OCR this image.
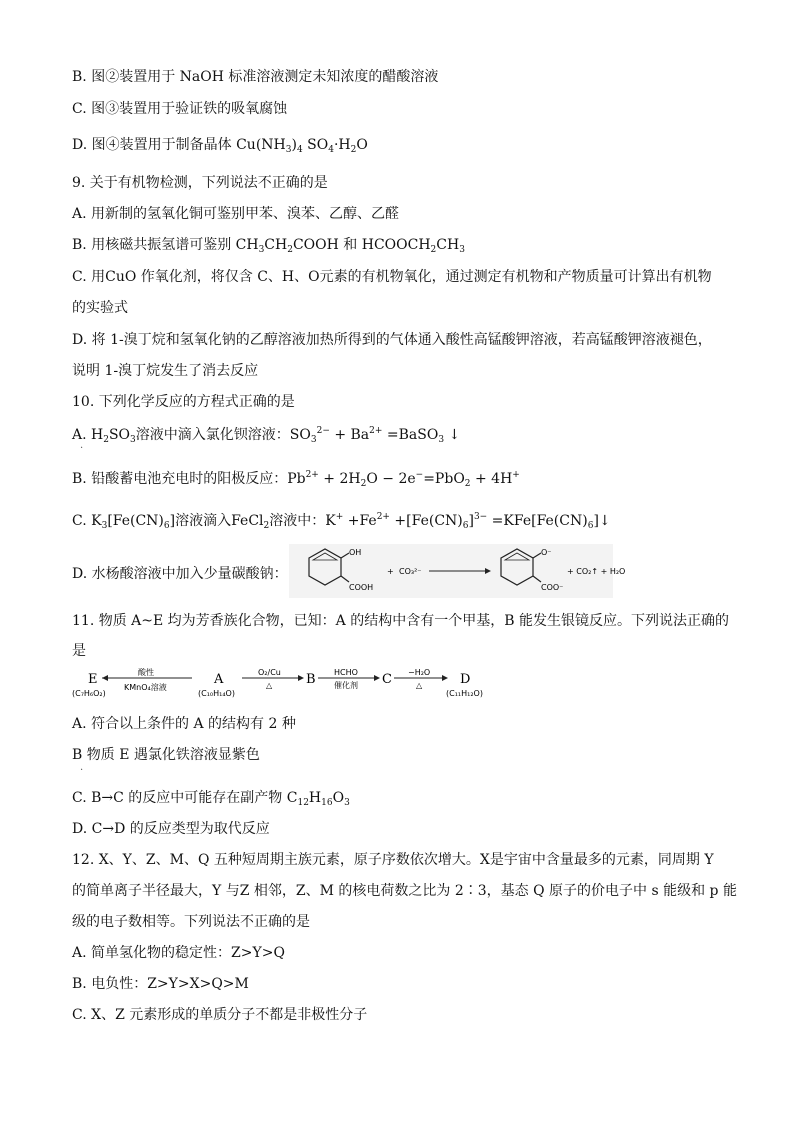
B. 图②装置用于 NaOH 标准溶液测定未知浓度的醋酸溶液
C. 图③装置用于验证铁的吸氧腐蚀
D. 图④装置用于制备晶体 $Cu(NH_3)_4$ $SO_4\cdot H_2O$
9. 关于有机物检测，下列说法不正确的是
A. 用新制的氢氧化铜可鉴别甲苯、溴苯、乙醇、乙醛
B. 用核磁共振氢谱可鉴别 $CH_3CH_2COOH$ 和 $HCOOCH_2CH_3$
C. 用CuO 作氧化剂，将仅含 C、H、O元素的有机物氧化，通过测定有机物和产物质量可计算出有机物
的实验式
D. 将 1-溴丁烷和氢氧化钠的乙醇溶液加热所得到的气体通入酸性高锰酸钾溶液，若高锰酸钾溶液褪色，
说明 1-溴丁烷发生了消去反应
10. 下列化学反应的方程式正确的是
A. $H_2SO_3$溶液中滴入氯化钡溶液：$SO_3^{2-} + Ba^{2+}$ =BaSO$_3$ ↓
B. 铅酸蓄电池充电时的阳极反应：$Pb^{2+} + 2H_2O - 2e^-=PbO_2 + 4H^+$
C. $K_3[Fe(CN)_6]$溶液滴入FeCl$_2$溶液中：$K^+ +Fe^{2+} +[Fe(CN)_6]^{3-}$ $=KFe[Fe(CN)_6]↓$
D. 水杨酸溶液中加入少量碳酸钠：
11. 物质 A~E 均为芳香族化合物，已知：A 的结构中含有一个甲基，B 能发生银镜反应。下列说法正确的
是
A. 符合以上条件的 A 的结构有 2 种
B 物质 E 遇氯化铁溶液显紫色
C. B→C 的反应中可能存在副产物 $C_{12}H_{16}O_3$
D. C→D 的反应类型为取代反应
12. X、Y、Z、M、Q 五种短周期主族元素，原子序数依次增大。X是宇宙中含量最多的元素，同周期 Y
的简单离子半径最大，Y 与Z 相邻，Z、M 的核电荷数之比为 2∶3，基态 Q 原子的价电子中 s 能级和 p 能
级的电子数相等。下列说法不正确的是
A. 简单氢化物的稳定性：Z>Y>Q
B. 电负性：Z>Y>X>Q>M
C. X、Z 元素形成的单质分子不都是非极性分子
OH
COOH
+ CO₃²⁻
O⁻
COO⁻
+ CO₂↑ + H₂O
E
(C₇H₆O₂)
酸性
KMnO₄溶液
A
(C₁₀H₁₄O)
O₂/Cu
△	B HCHO
催化剂 C −H₂O
△	D
(C₁₁H₁₂O)
.
.
